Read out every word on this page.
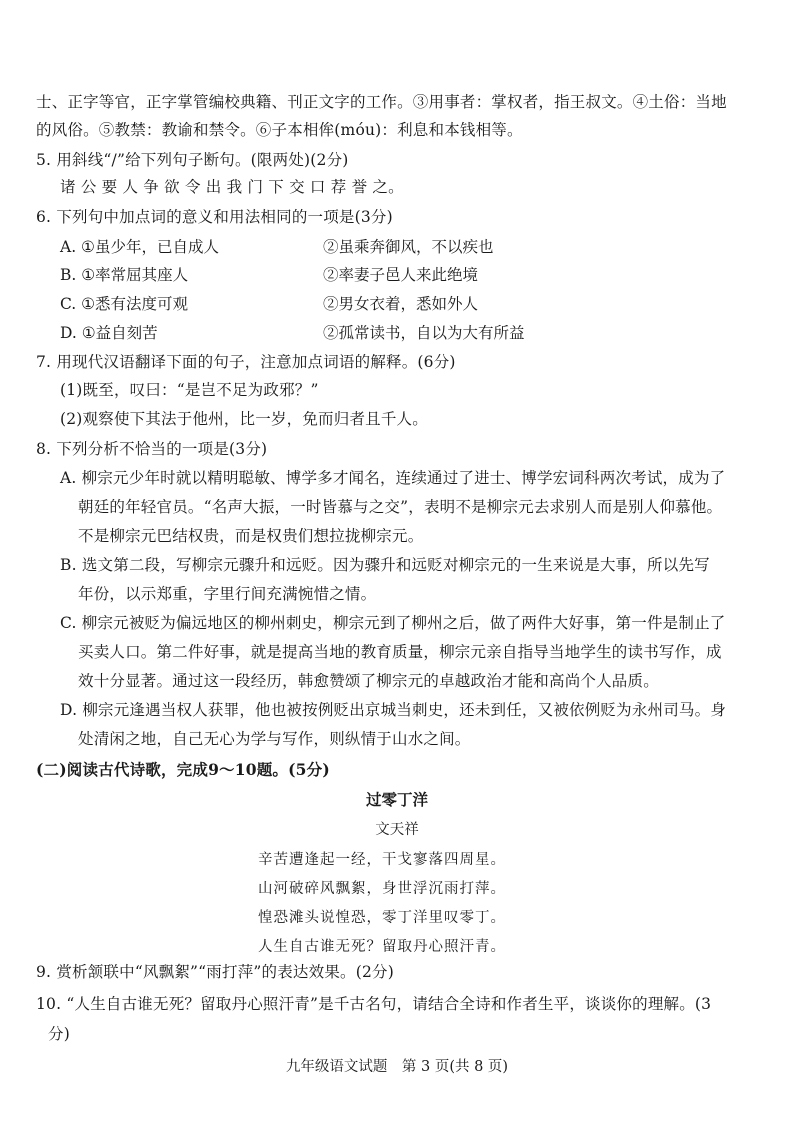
士、正字等官，正字掌管编校典籍、刊正文字的工作。③用事者：掌权者，指王叔文。④土俗：当地
的风俗。⑤教禁：教谕和禁令。⑥子本相侔(móu)：利息和本钱相等。
5. 用斜线“/”给下列句子断句。(限两处)(2分)
诸 公 要 人 争 欲 令 出 我 门 下 交 口 荐 誉 之。
6. 下列句中加点词的意义和用法相同的一项是(3分)
A. ①虽少年，已自成人	②虽乘奔御风，不以疾也
B. ①率常屈其座人	②率妻子邑人来此绝境
C. ①悉有法度可观	②男女衣着，悉如外人
D. ①益自刻苦	②孤常读书，自以为大有所益
7. 用现代汉语翻译下面的句子，注意加点词语的解释。(6分)
(1)既至，叹曰：“是岂不足为政邪？”
(2)观察使下其法于他州，比一岁，免而归者且千人。
8. 下列分析不恰当的一项是(3分)
A. 柳宗元少年时就以精明聪敏、博学多才闻名，连续通过了进士、博学宏词科两次考试，成为了
朝廷的年轻官员。“名声大振，一时皆慕与之交”，表明不是柳宗元去求别人而是别人仰慕他。
不是柳宗元巴结权贵，而是权贵们想拉拢柳宗元。
B. 选文第二段，写柳宗元骤升和远贬。因为骤升和远贬对柳宗元的一生来说是大事，所以先写
年份，以示郑重，字里行间充满惋惜之情。
C. 柳宗元被贬为偏远地区的柳州刺史，柳宗元到了柳州之后，做了两件大好事，第一件是制止了
买卖人口。第二件好事，就是提高当地的教育质量，柳宗元亲自指导当地学生的读书写作，成
效十分显著。通过这一段经历，韩愈赞颂了柳宗元的卓越政治才能和高尚个人品质。
D. 柳宗元逢遇当权人获罪，他也被按例贬出京城当刺史，还未到任，又被依例贬为永州司马。身
处清闲之地，自己无心为学与写作，则纵情于山水之间。
(二)阅读古代诗歌，完成9～10题。(5分)
过零丁洋
文天祥
辛苦遭逢起一经，干戈寥落四周星。
山河破碎风飘絮，身世浮沉雨打萍。
惶恐滩头说惶恐，零丁洋里叹零丁。
人生自古谁无死？留取丹心照汗青。
9. 赏析颔联中“风飘絮”“雨打萍”的表达效果。(2分)
10. “人生自古谁无死？留取丹心照汗青”是千古名句，请结合全诗和作者生平，谈谈你的理解。(3
分)
九年级语文试题　第 3 页(共 8 页)
